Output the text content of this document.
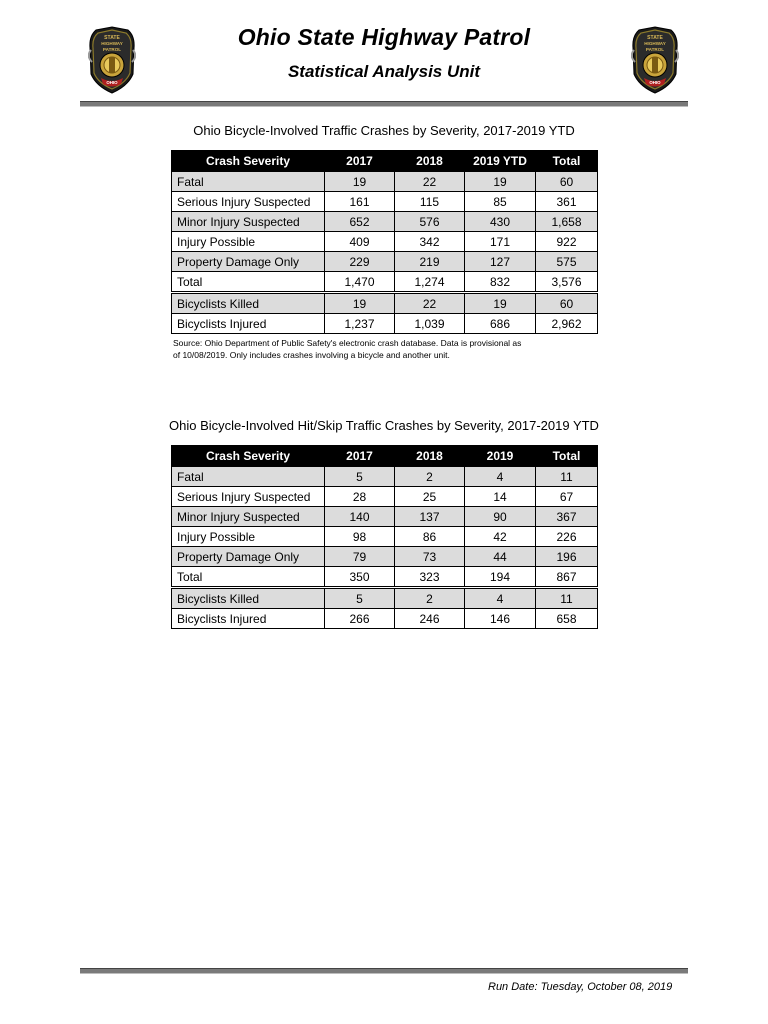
STATE
HIGHWAY
PATROL
OHIO
STATE
HIGHWAY
PATROL
OHIO
Ohio State Highway Patrol
Statistical Analysis Unit
Ohio Bicycle-Involved Traffic Crashes by Severity, 2017-2019 YTD
Crash Severity	2017	2018	2019 YTD	Total
Fatal	19	22	19	60
Serious Injury Suspected	161	115	85	361
Minor Injury Suspected	652	576	430	1,658
Injury Possible	409	342	171	922
Property Damage Only	229	219	127	575
Total	1,470	1,274	832	3,576
Bicyclists Killed	19	22	19	60
Bicyclists Injured	1,237	1,039	686	2,962
Source: Ohio Department of Public Safety's electronic crash database. Data is provisional as
of 10/08/2019. Only includes crashes involving a bicycle and another unit.
Ohio Bicycle-Involved Hit/Skip Traffic Crashes by Severity, 2017-2019 YTD
Crash Severity	2017	2018	2019	Total
Fatal	5	2	4	11
Serious Injury Suspected	28	25	14	67
Minor Injury Suspected	140	137	90	367
Injury Possible	98	86	42	226
Property Damage Only	79	73	44	196
Total	350	323	194	867
Bicyclists Killed	5	2	4	11
Bicyclists Injured	266	246	146	658
Run Date: Tuesday, October 08, 2019
